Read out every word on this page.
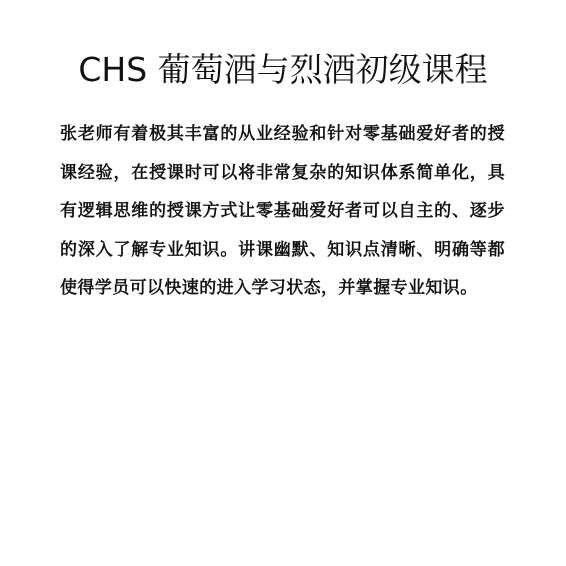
CHS 葡萄酒与烈酒初级课程

张老师有着极其丰富的从业经验和针对零基础爱好者的授课经验，在授课时可以将非常复杂的知识体系简单化，具有逻辑思维的授课方式让零基础爱好者可以自主的、逐步的深入了解专业知识。讲课幽默、知识点清晰、明确等都使得学员可以快速的进入学习状态，并掌握专业知识。
